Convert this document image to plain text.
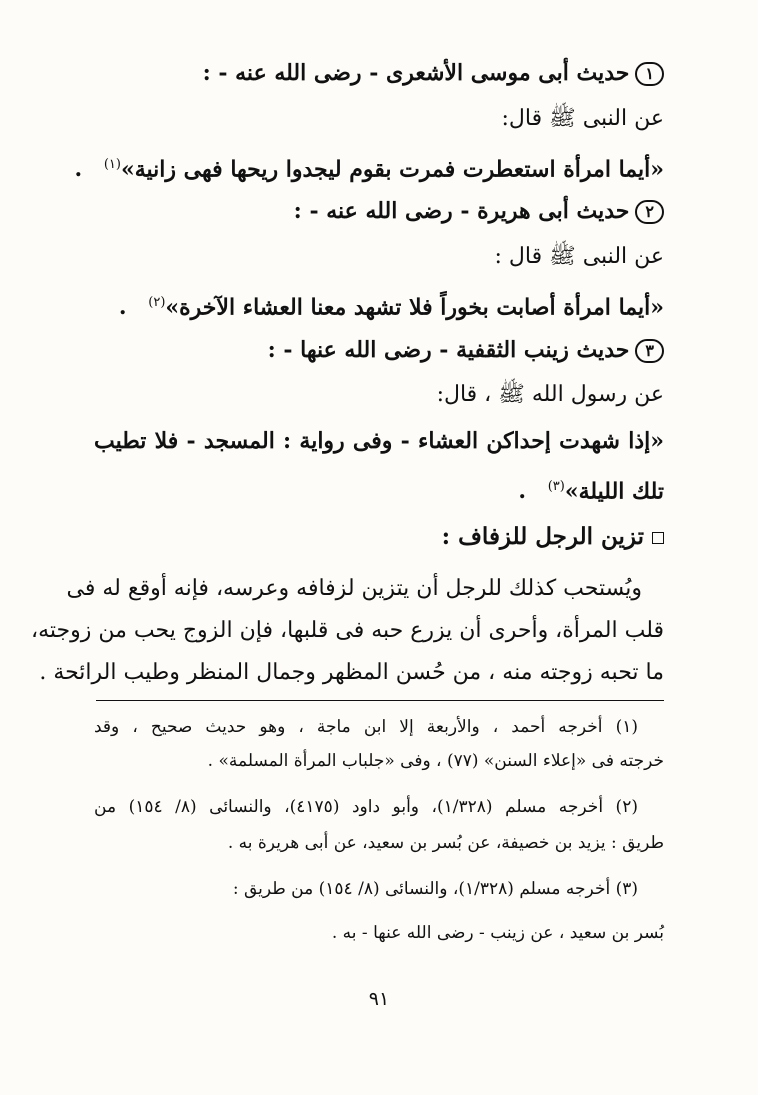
١حديث أبى موسى الأشعرى - رضى الله عنه - :
عن النبى ﷺ قال:
«أيما امرأة استعطرت فمرت بقوم ليجدوا ريحها فهى زانية»$^{(١)}$ .
٢حديث أبى هريرة - رضى الله عنه - :
عن النبى ﷺ قال :
«أيما امرأة أصابت بخوراً فلا تشهد معنا العشاء الآخرة»$^{(٢)}$ .
٣حديث زينب الثقفية - رضى الله عنها - :
عن رسول الله ﷺ ، قال:
«إذا شهدت إحداكن العشاء - وفى رواية : المسجد - فلا تطيب
تلك الليلة»$^{(٣)}$ .
تزين الرجل للزفاف :
ويُستحب كذلك للرجل أن يتزين لزفافه وعرسه، فإنه أوقع له فى
قلب المرأة، وأحرى أن يزرع حبه فى قلبها، فإن الزوج يحب من زوجته،
ما تحبه زوجته منه ، من حُسن المظهر وجمال المنظر وطيب الرائحة .
(١) أخرجه أحمد ، والأربعة إلا ابن ماجة ، وهو حديث صحيح ، وقد
خرجته فى «إعلاء السنن» (٧٧) ، وفى «جلباب المرأة المسلمة» .
(٢) أخرجه مسلم (١/٣٢٨)، وأبو داود (٤١٧٥)، والنسائى (٨/ ١٥٤) من
طريق : يزيد بن خصيفة، عن بُسر بن سعيد، عن أبى هريرة به .
(٣) أخرجه مسلم (١/٣٢٨)، والنسائى (٨/ ١٥٤) من طريق :
بُسر بن سعيد ، عن زينب - رضى الله عنها - به .
٩١
